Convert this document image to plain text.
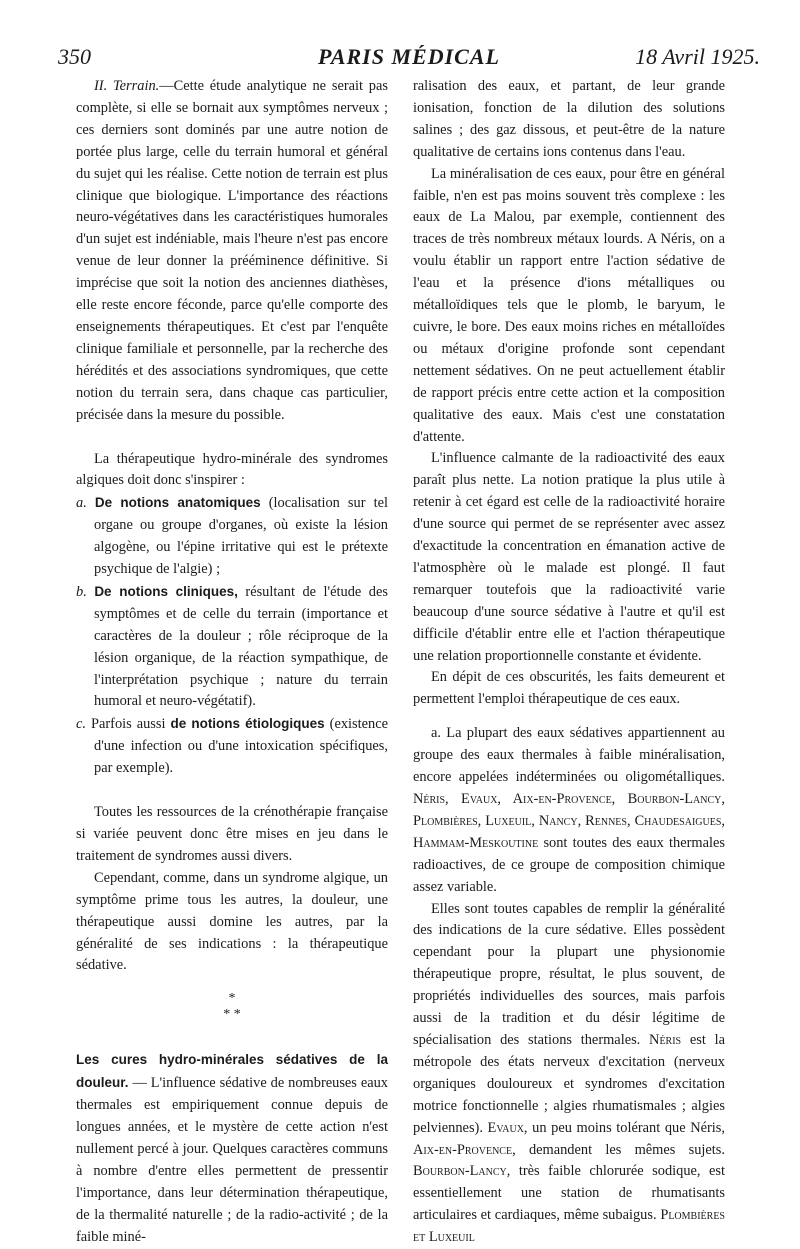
350	PARIS MÉDICAL	18 Avril 1925.

II. Terrain.—Cette étude analytique ne serait pas complète, si elle se bornait aux symptômes nerveux ; ces derniers sont dominés par une autre notion de portée plus large, celle du terrain humoral et général du sujet qui les réalise. Cette notion de terrain est plus clinique que biologique. L'importance des réactions neuro-végétatives dans les caractéristiques humorales d'un sujet est indéniable, mais l'heure n'est pas encore venue de leur donner la prééminence définitive. Si imprécise que soit la notion des anciennes diathèses, elle reste encore féconde, parce qu'elle comporte des enseignements thérapeutiques. Et c'est par l'enquête clinique familiale et personnelle, par la recherche des hérédités et des associations syndromiques, que cette notion du terrain sera, dans chaque cas particulier, précisée dans la mesure du possible.

La thérapeutique hydro-minérale des syndromes algiques doit donc s'inspirer :

a. De notions anatomiques (localisation sur tel organe ou groupe d'organes, où existe la lésion algogène, ou l'épine irritative qui est le prétexte psychique de l'algie) ;

b. De notions cliniques, résultant de l'étude des symptômes et de celle du terrain (importance et caractères de la douleur ; rôle réciproque de la lésion organique, de la réaction sympathique, de l'interprétation psychique ; nature du terrain humoral et neuro-végétatif).

c. Parfois aussi de notions étiologiques (existence d'une infection ou d'une intoxication spécifiques, par exemple).

Toutes les ressources de la crénothérapie française si variée peuvent donc être mises en jeu dans le traitement de syndromes aussi divers.

Cependant, comme, dans un syndrome algique, un symptôme prime tous les autres, la douleur, une thérapeutique aussi domine les autres, par la généralité de ses indications : la thérapeutique sédative.

*
* *

Les cures hydro-minérales sédatives de la douleur. — L'influence sédative de nombreuses eaux thermales est empiriquement connue depuis de longues années, et le mystère de cette action n'est nullement percé à jour. Quelques caractères communs à nombre d'entre elles permettent de pressentir l'importance, dans leur détermination thérapeutique, de la thermalité naturelle ; de la radio-activité ; de la faible miné-

ralisation des eaux, et partant, de leur grande ionisation, fonction de la dilution des solutions salines ; des gaz dissous, et peut-être de la nature qualitative de certains ions contenus dans l'eau.

La minéralisation de ces eaux, pour être en général faible, n'en est pas moins souvent très complexe : les eaux de La Malou, par exemple, contiennent des traces de très nombreux métaux lourds. A Néris, on a voulu établir un rapport entre l'action sédative de l'eau et la présence d'ions métalliques ou métalloïdiques tels que le plomb, le baryum, le cuivre, le bore. Des eaux moins riches en métalloïdes ou métaux d'origine profonde sont cependant nettement sédatives. On ne peut actuellement établir de rapport précis entre cette action et la composition qualitative des eaux. Mais c'est une constatation d'attente.

L'influence calmante de la radioactivité des eaux paraît plus nette. La notion pratique la plus utile à retenir à cet égard est celle de la radioactivité horaire d'une source qui permet de se représenter avec assez d'exactitude la concentration en émanation active de l'atmosphère où le malade est plongé. Il faut remarquer toutefois que la radioactivité varie beaucoup d'une source sédative à l'autre et qu'il est difficile d'établir entre elle et l'action thérapeutique une relation proportionnelle constante et évidente.

En dépit de ces obscurités, les faits demeurent et permettent l'emploi thérapeutique de ces eaux.

a. La plupart des eaux sédatives appartiennent au groupe des eaux thermales à faible minéralisation, encore appelées indéterminées ou oligométalliques. Néris, Evaux, Aix-en-Provence, Bourbon-Lancy, Plombières, Luxeuil, Nancy, Rennes, Chaudesaigues, Hammam-Meskoutine sont toutes des eaux thermales radioactives, de ce groupe de composition chimique assez variable.

Elles sont toutes capables de remplir la généralité des indications de la cure sédative. Elles possèdent cependant pour la plupart une physionomie thérapeutique propre, résultat, le plus souvent, de propriétés individuelles des sources, mais parfois aussi de la tradition et du désir légitime de spécialisation des stations thermales. Néris est la métropole des états nerveux d'excitation (nerveux organiques douloureux et syndromes d'excitation motrice fonctionnelle ; algies rhumatismales ; algies pelviennes). Evaux, un peu moins tolérant que Néris, Aix-en-Provence, demandent les mêmes sujets. Bourbon-Lancy, très faible chlorurée sodique, est essentiellement une station de rhumatisants articulaires et cardiaques, même subaigus. Plombières et Luxeuil
